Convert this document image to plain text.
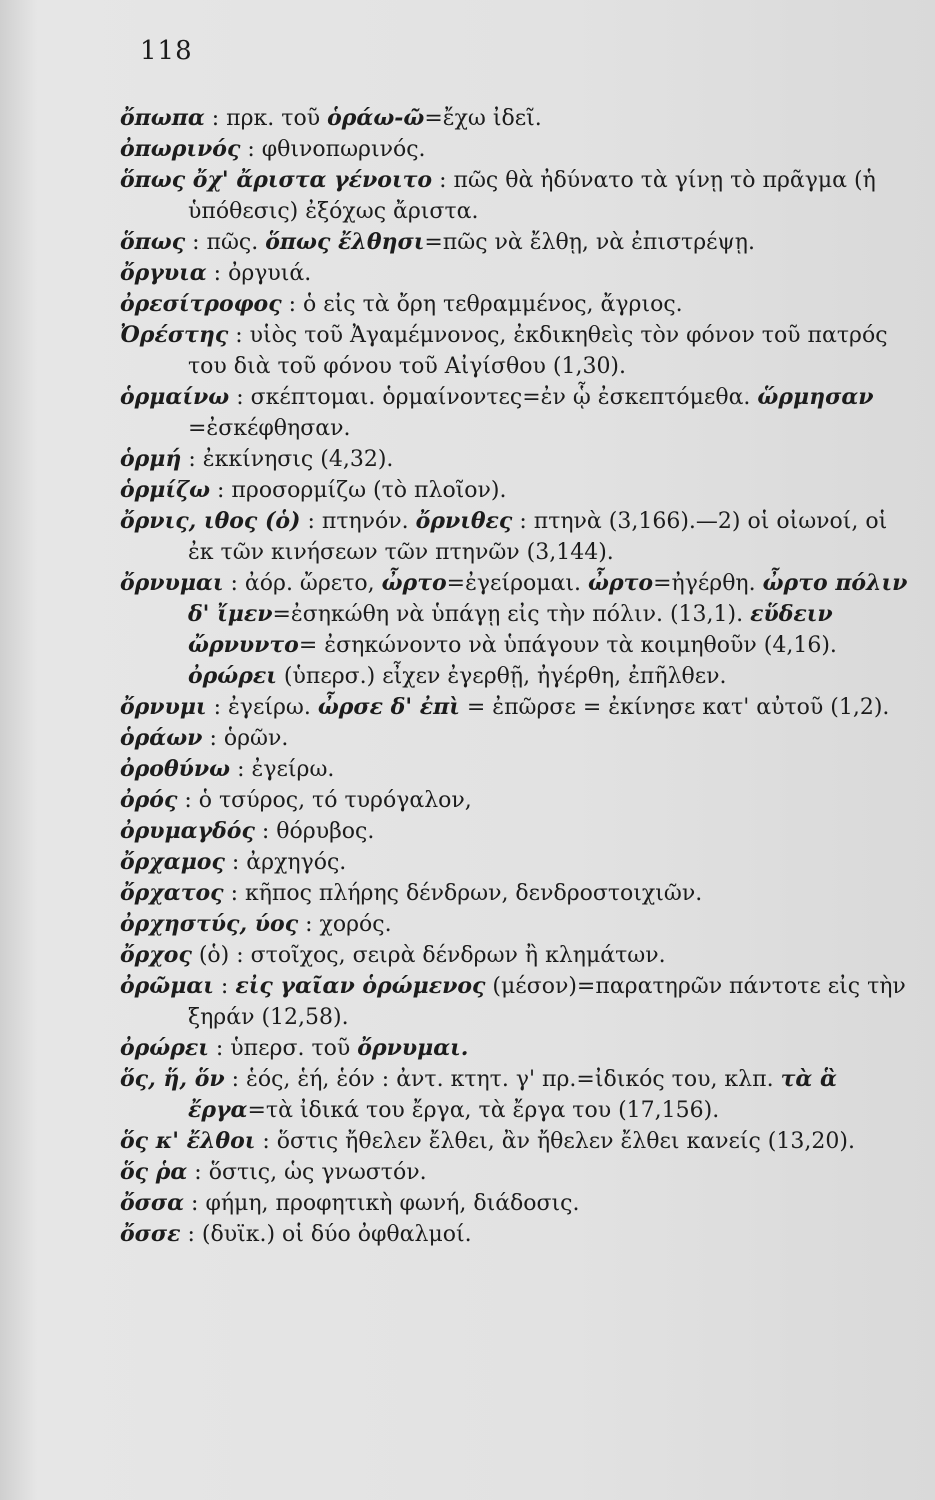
118

ὄπωπα : πρκ. τοῦ ὁράω-ῶ=ἔχω ἰδεῖ.

ὀπωρινός : φθινοπωρινός.

ὅπως ὄχ' ἄριστα γένοιτο : πῶς θὰ ἠδύνατο τὰ γίνῃ τὸ πρᾶγμα (ἡ ὑπόθεσις) ἐξόχως ἄριστα.

ὅπως : πῶς. ὅπως ἔλθησι=πῶς νὰ ἔλθῃ, νὰ ἐπιστρέψῃ.

ὄργυια : ὀργυιά.

ὀρεσίτροφος : ὁ εἰς τὰ ὄρη τεθραμμένος, ἄγριος.

Ὀρέστης : υἱὸς τοῦ Ἀγαμέμνονος, ἐκδικηθεὶς τὸν φόνον τοῦ πατρός του διὰ τοῦ φόνου τοῦ Αἰγίσθου (1,30).

ὁρμαίνω : σκέπτομαι. ὁρμαίνοντες=ἐν ᾧ ἐσκεπτόμεθα. ὥρμησαν =ἐσκέφθησαν.

ὁρμή : ἐκκίνησις (4,32).

ὁρμίζω : προσορμίζω (τὸ πλοῖον).

ὄρνις, ιθος (ὁ) : πτηνόν. ὄρνιθες : πτηνὰ (3,166).—2) οἱ οἰωνοί, οἱ ἐκ τῶν κινήσεων τῶν πτηνῶν (3,144).

ὄρνυμαι : ἀόρ. ὤρετο, ὦρτο=ἐγείρομαι. ὦρτο=ἠγέρθη. ὦρτο πόλιν δ' ἴμεν=ἐσηκώθη νὰ ὑπάγῃ εἰς τὴν πόλιν. (13,1). εὕδειν ὤρνυντο= ἐσηκώνοντο νὰ ὑπάγουν τὰ κοιμηθοῦν (4,16). ὀρώρει (ὑπερσ.) εἶχεν ἐγερθῇ, ἠγέρθη, ἐπῆλθεν.

ὄρνυμι : ἐγείρω. ὦρσε δ' ἐπὶ = ἐπῶρσε = ἐκίνησε κατ' αὐτοῦ (1,2).

ὁράων : ὁρῶν.

ὀροθύνω : ἐγείρω.

ὀρός : ὁ τσύρος, τό τυρόγαλον,

ὀρυμαγδός : θόρυβος.

ὄρχαμος : ἀρχηγός.

ὄρχατος : κῆπος πλήρης δένδρων, δενδροστοιχιῶν.

ὀρχηστύς, ύος : χορός.

ὄρχος (ὁ) : στοῖχος, σειρὰ δένδρων ἢ κλημάτων.

ὀρῶμαι : εἰς γαῖαν ὁρώμενος (μέσον)=παρατηρῶν πάντοτε εἰς τὴν ξηράν (12,58).

ὀρώρει : ὑπερσ. τοῦ ὄρνυμαι.

ὅς, ἥ, ὅν : ἑός, ἑή, ἑόν : ἀντ. κτητ. γ' πρ.=ἰδικός του, κλπ. τὰ ἃ ἔργα=τὰ ἰδικά του ἔργα, τὰ ἔργα του (17,156).

ὅς κ' ἔλθοι : ὅστις ἤθελεν ἔλθει, ἂν ἤθελεν ἔλθει κανείς (13,20).

ὅς ῥα : ὅστις, ὡς γνωστόν.

ὄσσα : φήμη, προφητικὴ φωνή, διάδοσις.

ὄσσε : (δυϊκ.) οἱ δύο ὀφθαλμοί.
